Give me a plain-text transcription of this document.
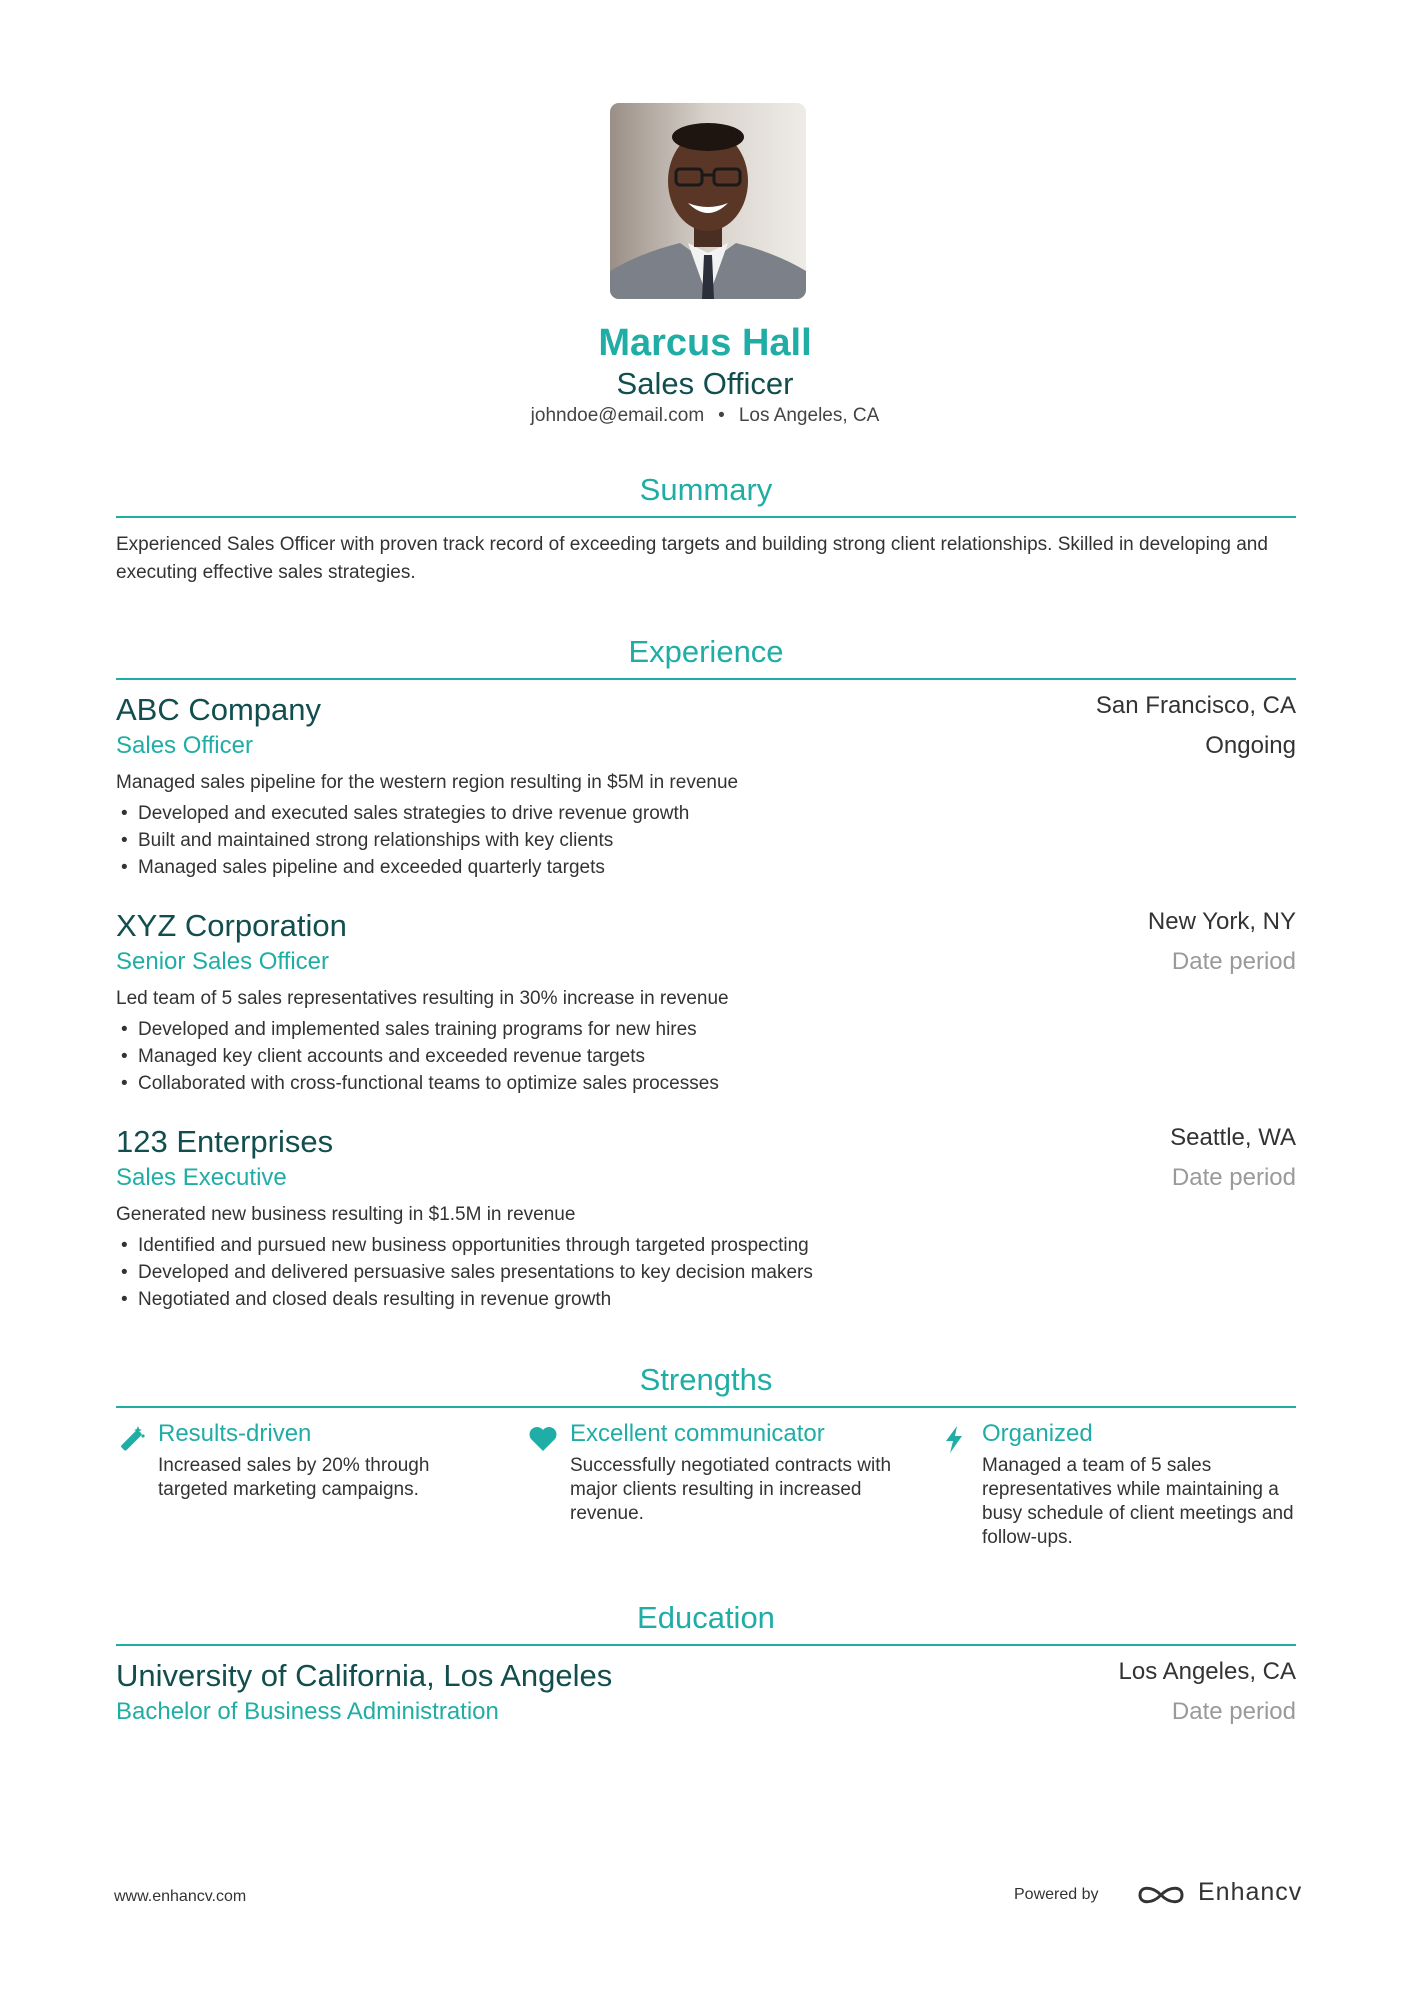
Marcus Hall
Sales Officer
johndoe@email.com • Los Angeles, CA
Summary
Experienced Sales Officer with proven track record of exceeding targets and building strong client relationships. Skilled in developing and executing effective sales strategies.
Experience
ABC Company	San Francisco, CA
Sales Officer	Ongoing
Managed sales pipeline for the western region resulting in $5M in revenue
• Developed and executed sales strategies to drive revenue growth
• Built and maintained strong relationships with key clients
• Managed sales pipeline and exceeded quarterly targets
XYZ Corporation	New York, NY
Senior Sales Officer	Date period
Led team of 5 sales representatives resulting in 30% increase in revenue
• Developed and implemented sales training programs for new hires
• Managed key client accounts and exceeded revenue targets
• Collaborated with cross-functional teams to optimize sales processes
123 Enterprises	Seattle, WA
Sales Executive	Date period
Generated new business resulting in $1.5M in revenue
• Identified and pursued new business opportunities through targeted prospecting
• Developed and delivered persuasive sales presentations to key decision makers
• Negotiated and closed deals resulting in revenue growth
Strengths
Results-driven
Increased sales by 20% through targeted marketing campaigns.
Excellent communicator
Successfully negotiated contracts with major clients resulting in increased revenue.
Organized
Managed a team of 5 sales representatives while maintaining a busy schedule of client meetings and follow-ups.
Education
University of California, Los Angeles	Los Angeles, CA
Bachelor of Business Administration	Date period
www.enhancv.com	Powered by	Enhancv
